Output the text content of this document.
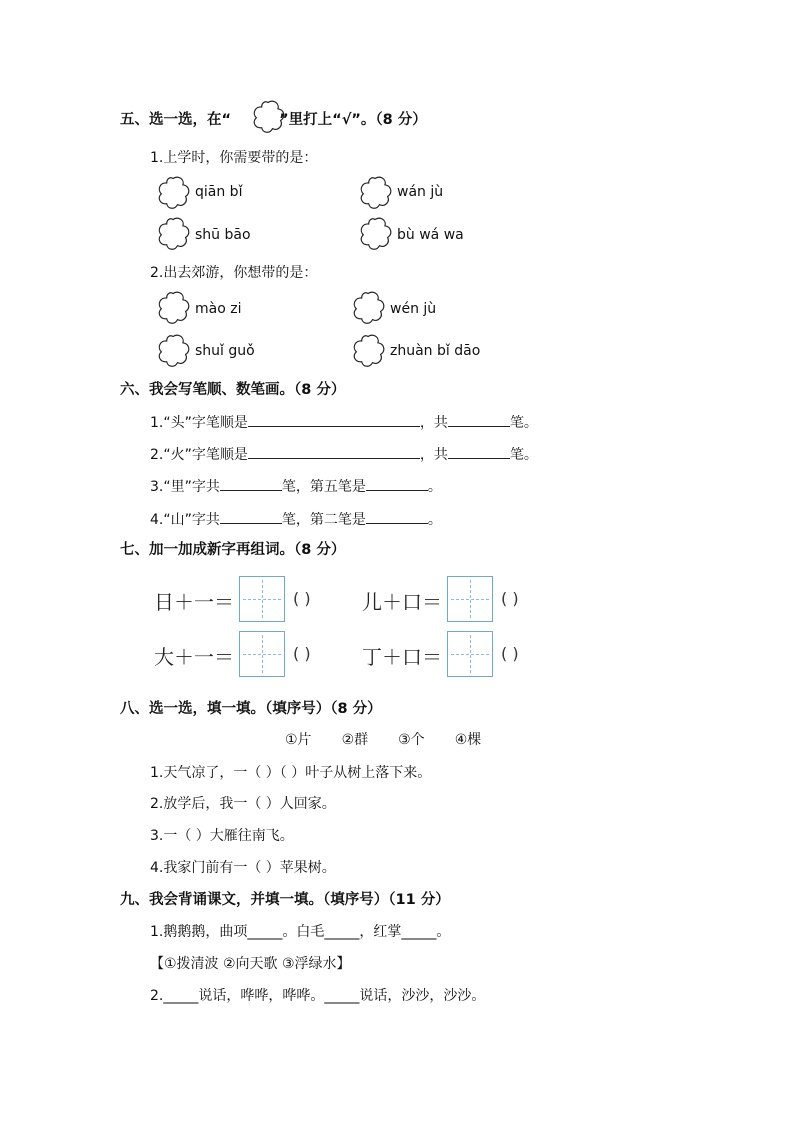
五、选一选，在“	”里打上“√”。（8 分）
1.上学时，你需要带的是：
qiān bǐ	wán jù
shū bāo	bù wá wa
2.出去郊游，你想带的是：
mào zi	wén jù
shuǐ guǒ	zhuàn bǐ dāo
六、我会写笔顺、数笔画。（8 分）
1.“头”字笔顺是	，共	笔。
2.“火”字笔顺是	，共	笔。
3.“里”字共	笔，第五笔是	。
4.“山”字共	笔，第二笔是	。
七、加一加成新字再组词。（8 分）
日＋一＝	( )	儿＋口＝	( )
大＋一＝	( )	丁＋口＝	( )
八、选一选，填一填。（填序号）（8 分）
①片 ②群 ③个 ④棵
1.天气凉了，一（ ）（ ）叶子从树上落下来。
2.放学后，我一（ ）人回家。
3.一（ ）大雁往南飞。
4.我家门前有一（ ）苹果树。
九、我会背诵课文，并填一填。（填序号）（11 分）
1.鹅鹅鹅，曲项_____。白毛_____，红掌_____。
【①拨清波 ②向天歌 ③浮绿水】
2._____说话，哗哗，哗哗。_____说话，沙沙，沙沙。
